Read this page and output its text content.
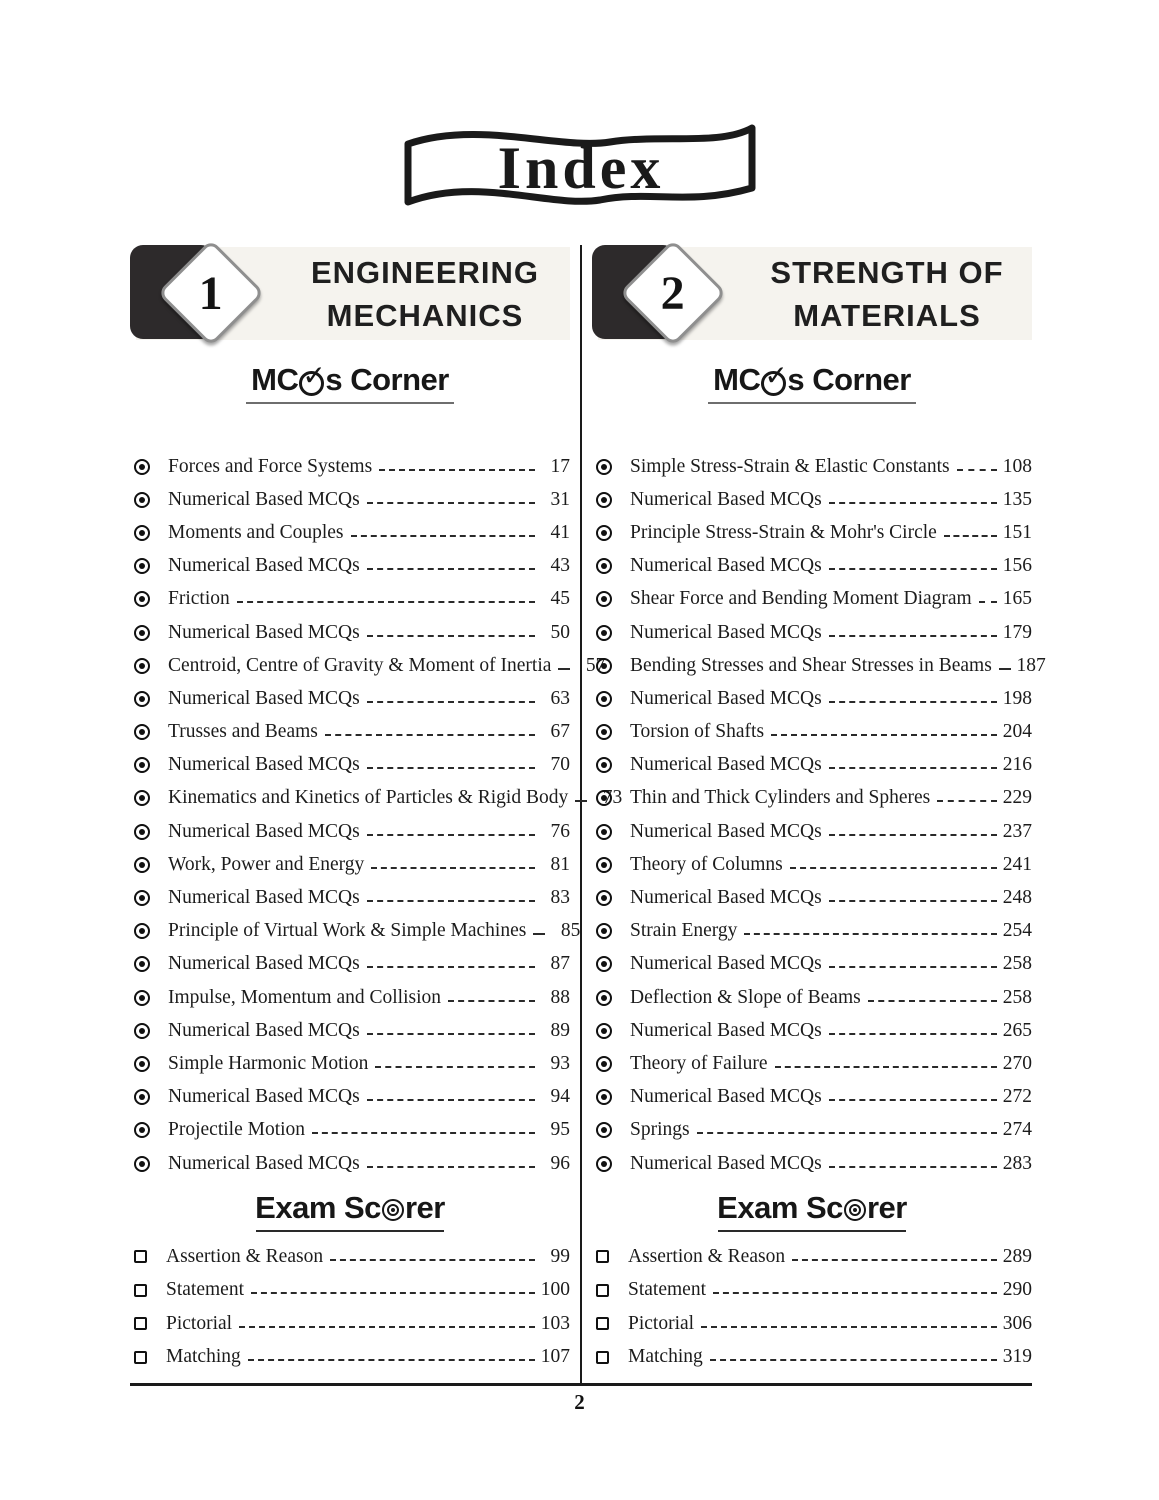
Index
1	ENGINEERING
MECHANICS
MC ✓ s Corner
Forces and Force Systems	17
Numerical Based MCQs	31
Moments and Couples	41
Numerical Based MCQs	43
Friction	45
Numerical Based MCQs	50
Centroid, Centre of Gravity & Moment of Inertia	57
Numerical Based MCQs	63
Trusses and Beams	67
Numerical Based MCQs	70
Kinematics and Kinetics of Particles & Rigid Body	73
Numerical Based MCQs	76
Work, Power and Energy	81
Numerical Based MCQs	83
Principle of Virtual Work & Simple Machines	85
Numerical Based MCQs	87
Impulse, Momentum and Collision	88
Numerical Based MCQs	89
Simple Harmonic Motion	93
Numerical Based MCQs	94
Projectile Motion	95
Numerical Based MCQs	96
Exam Sc rer
Assertion & Reason	99
Statement	100
Pictorial	103
Matching	107
2	STRENGTH OF
MATERIALS
MC ✓ s Corner
Simple Stress-Strain & Elastic Constants	108
Numerical Based MCQs	135
Principle Stress-Strain & Mohr's Circle	151
Numerical Based MCQs	156
Shear Force and Bending Moment Diagram 165
Numerical Based MCQs	179
Bending Stresses and Shear Stresses in Beams 187
Numerical Based MCQs	198
Torsion of Shafts	204
Numerical Based MCQs	216
Thin and Thick Cylinders and Spheres	229
Numerical Based MCQs	237
Theory of Columns	241
Numerical Based MCQs	248
Strain Energy	254
Numerical Based MCQs	258
Deflection & Slope of Beams	258
Numerical Based MCQs	265
Theory of Failure	270
Numerical Based MCQs	272
Springs	274
Numerical Based MCQs	283
Exam Sc rer
Assertion & Reason	289
Statement	290
Pictorial	306
Matching	319
2
